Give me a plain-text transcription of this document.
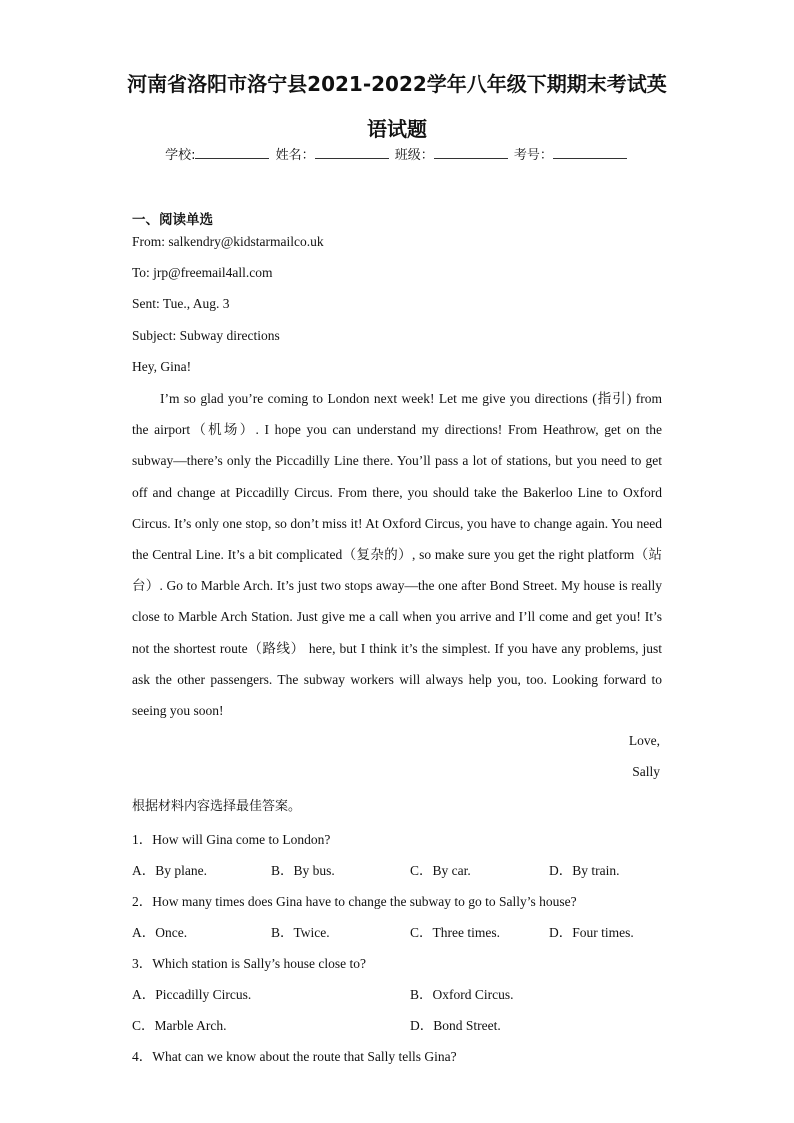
河南省洛阳市洛宁县2021-2022学年八年级下期期末考试英
语试题
学校:	姓名：	班级：	考号：
一、阅读单选
From: salkendry@kidstarmailco.uk
To: jrp@freemail4all.com
Sent: Tue., Aug. 3
Subject: Subway directions
Hey, Gina!

I’m so glad you’re coming to London next week! Let me give you directions (指引) from the airport（机场）. I hope you can understand my directions! From Heathrow, get on the subway—there’s only the Piccadilly Line there. You’ll pass a lot of stations, but you need to get off and change at Piccadilly Circus. From there, you should take the Bakerloo Line to Oxford Circus. It’s only one stop, so don’t miss it! At Oxford Circus, you have to change again. You need the Central Line. It’s a bit complicated（复杂的）, so make sure you get the right platform（站台）. Go to Marble Arch. It’s just two stops away—the one after Bond Street. My house is really close to Marble Arch Station. Just give me a call when you arrive and I’ll come and get you! It’s not the shortest route（路线） here, but I think it’s the simplest. If you have any problems, just ask the other passengers. The subway workers will always help you, too. Looking forward to seeing you soon!

Love,
Sally
根据材料内容选择最佳答案。
1．How will Gina come to London?
A．By plane.	B．By bus.	C．By car.	D．By train.
2．How many times does Gina have to change the subway to go to Sally’s house?
A．Once.	B．Twice.	C．Three times.	D．Four times.
3．Which station is Sally’s house close to?
A．Piccadilly Circus.	B．Oxford Circus.
C．Marble Arch.	D．Bond Street.
4．What can we know about the route that Sally tells Gina?
